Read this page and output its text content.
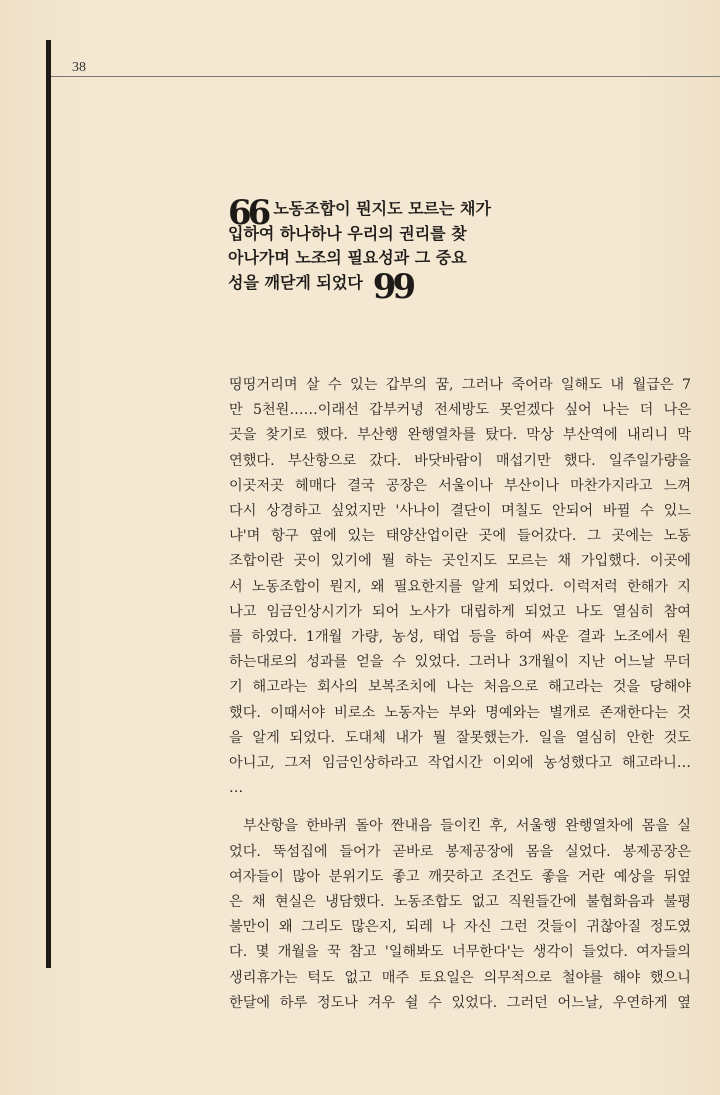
38
66 노동조합이 뭔지도 모르는 채가
입하여 하나하나 우리의 권리를 찾
아나가며 노조의 필요성과 그 중요
성을 깨닫게 되었다 99
띵띵거리며 살 수 있는 갑부의 꿈, 그러나 죽어라 일해도 내 월급은 7
만 5천원……이래선 갑부커녕 전세방도 못얻겠다 싶어 나는 더 나은
곳을 찾기로 했다. 부산행 완행열차를 탔다. 막상 부산역에 내리니 막
연했다. 부산항으로 갔다. 바닷바람이 매섭기만 했다. 일주일가량을
이곳저곳 헤매다 결국 공장은 서울이나 부산이나 마찬가지라고 느껴
다시 상경하고 싶었지만 '사나이 결단이 며칠도 안되어 바뀔 수 있느
냐'며 항구 옆에 있는 태양산업이란 곳에 들어갔다. 그 곳에는 노동
조합이란 곳이 있기에 뭘 하는 곳인지도 모르는 채 가입했다. 이곳에
서 노동조합이 뭔지, 왜 필요한지를 알게 되었다. 이럭저럭 한해가 지
나고 임금인상시기가 되어 노사가 대립하게 되었고 나도 열심히 참여
를 하였다. 1개월 가량, 농성, 태업 등을 하여 싸운 결과 노조에서 원
하는대로의 성과를 얻을 수 있었다. 그러나 3개월이 지난 어느날 무더
기 해고라는 회사의 보복조치에 나는 처음으로 해고라는 것을 당해야
했다. 이때서야 비로소 노동자는 부와 명예와는 별개로 존재한다는 것
을 알게 되었다. 도대체 내가 뭘 잘못했는가. 일을 열심히 안한 것도
아니고, 그저 임금인상하라고 작업시간 이외에 농성했다고 해고라니…
…
부산항을 한바퀴 돌아 짠내음 들이킨 후, 서울행 완행열차에 몸을 실
었다. 뚝섬집에 들어가 곧바로 봉제공장에 몸을 실었다. 봉제공장은
여자들이 많아 분위기도 좋고 깨끗하고 조건도 좋을 거란 예상을 뒤엎
은 채 현실은 냉담했다. 노동조합도 없고 직원들간에 불협화음과 불평
불만이 왜 그리도 많은지, 되레 나 자신 그런 것들이 귀찮아질 정도였
다. 몇 개월을 꾹 참고 '일해봐도 너무한다'는 생각이 들었다. 여자들의
생리휴가는 턱도 없고 매주 토요일은 의무적으로 철야를 해야 했으니
한달에 하루 정도나 겨우 쉴 수 있었다. 그러던 어느날, 우연하게 옆
